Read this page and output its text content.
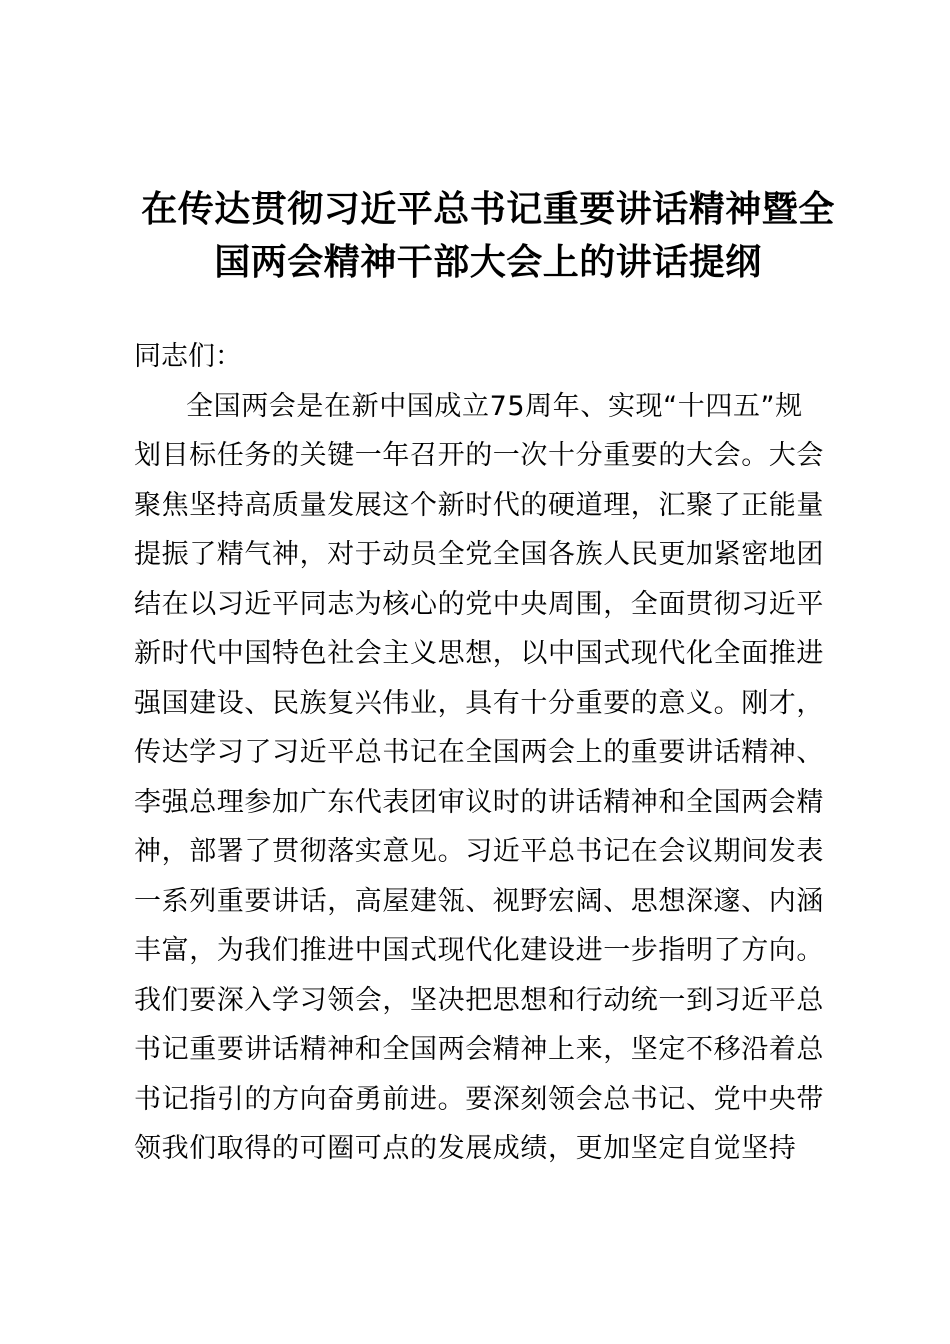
在传达贯彻习近平总书记重要讲话精神暨全
国两会精神干部大会上的讲话提纲

同志们：

全国两会是在新中国成立75周年、实现“十四五”规

划目标任务的关键一年召开的一次十分重要的大会。大会

聚焦坚持高质量发展这个新时代的硬道理，汇聚了正能量

提振了精气神，对于动员全党全国各族人民更加紧密地团

结在以习近平同志为核心的党中央周围，全面贯彻习近平

新时代中国特色社会主义思想，以中国式现代化全面推进

强国建设、民族复兴伟业，具有十分重要的意义。刚才，

传达学习了习近平总书记在全国两会上的重要讲话精神、

李强总理参加广东代表团审议时的讲话精神和全国两会精

神，部署了贯彻落实意见。习近平总书记在会议期间发表

一系列重要讲话，高屋建瓴、视野宏阔、思想深邃、内涵

丰富，为我们推进中国式现代化建设进一步指明了方向。

我们要深入学习领会，坚决把思想和行动统一到习近平总

书记重要讲话精神和全国两会精神上来，坚定不移沿着总

书记指引的方向奋勇前进。要深刻领会总书记、党中央带

领我们取得的可圈可点的发展成绩，更加坚定自觉坚持
